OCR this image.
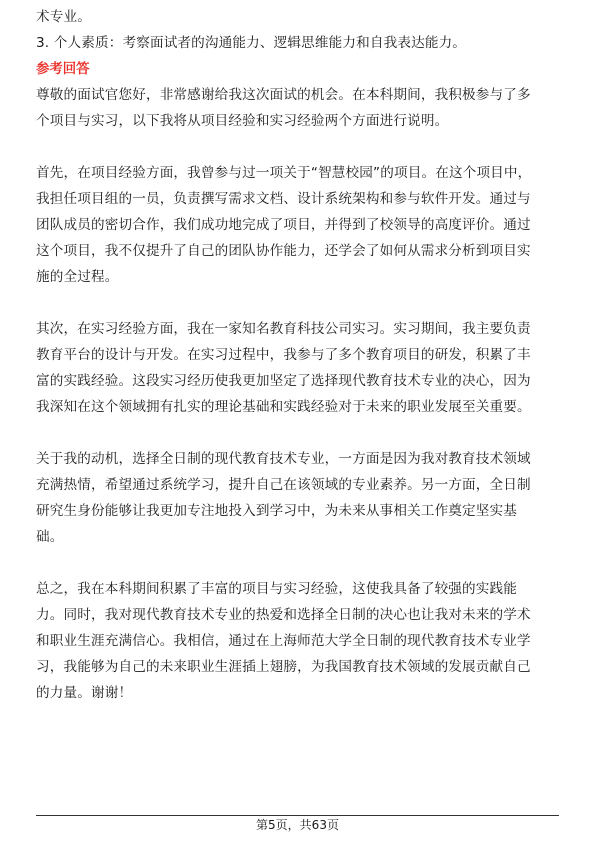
术专业。
3. 个人素质：考察面试者的沟通能力、逻辑思维能力和自我表达能力。
参考回答
尊敬的面试官您好，非常感谢给我这次面试的机会。在本科期间，我积极参与了多
个项目与实习，以下我将从项目经验和实习经验两个方面进行说明。
首先，在项目经验方面，我曾参与过一项关于“智慧校园”的项目。在这个项目中，
我担任项目组的一员，负责撰写需求文档、设计系统架构和参与软件开发。通过与
团队成员的密切合作，我们成功地完成了项目，并得到了校领导的高度评价。通过
这个项目，我不仅提升了自己的团队协作能力，还学会了如何从需求分析到项目实
施的全过程。
其次，在实习经验方面，我在一家知名教育科技公司实习。实习期间，我主要负责
教育平台的设计与开发。在实习过程中，我参与了多个教育项目的研发，积累了丰
富的实践经验。这段实习经历使我更加坚定了选择现代教育技术专业的决心，因为
我深知在这个领域拥有扎实的理论基础和实践经验对于未来的职业发展至关重要。
关于我的动机，选择全日制的现代教育技术专业，一方面是因为我对教育技术领域
充满热情，希望通过系统学习，提升自己在该领域的专业素养。另一方面，全日制
研究生身份能够让我更加专注地投入到学习中，为未来从事相关工作奠定坚实基
础。
总之，我在本科期间积累了丰富的项目与实习经验，这使我具备了较强的实践能
力。同时，我对现代教育技术专业的热爱和选择全日制的决心也让我对未来的学术
和职业生涯充满信心。我相信，通过在上海师范大学全日制的现代教育技术专业学
习，我能够为自己的未来职业生涯插上翅膀，为我国教育技术领域的发展贡献自己
的力量。谢谢！
第5页，共63页
